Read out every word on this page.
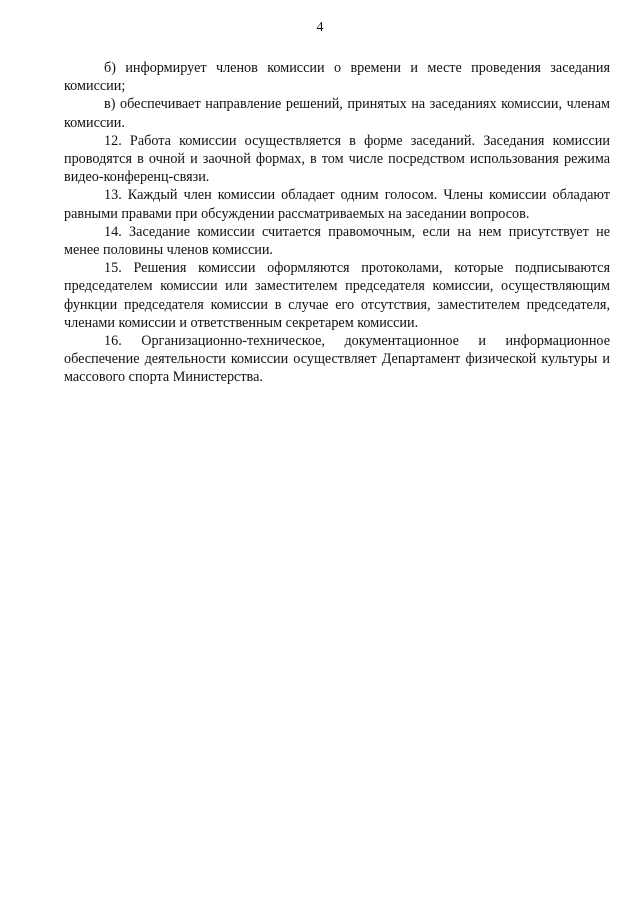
4

б) информирует членов комиссии о времени и месте проведения заседания комиссии;

в) обеспечивает направление решений, принятых на заседаниях комиссии, членам комиссии.

12. Работа комиссии осуществляется в форме заседаний. Заседания комиссии проводятся в очной и заочной формах, в том числе посредством использования режима видео-конференц-связи.

13. Каждый член комиссии обладает одним голосом. Члены комиссии обладают равными правами при обсуждении рассматриваемых на заседании вопросов.

14. Заседание комиссии считается правомочным, если на нем присутствует не менее половины членов комиссии.

15. Решения комиссии оформляются протоколами, которые подписываются председателем комиссии или заместителем председателя комиссии, осуществляющим функции председателя комиссии в случае его отсутствия, заместителем председателя, членами комиссии и ответственным секретарем комиссии.

16. Организационно-техническое, документационное и информационное обеспечение деятельности комиссии осуществляет Департамент физической культуры и массового спорта Министерства.
